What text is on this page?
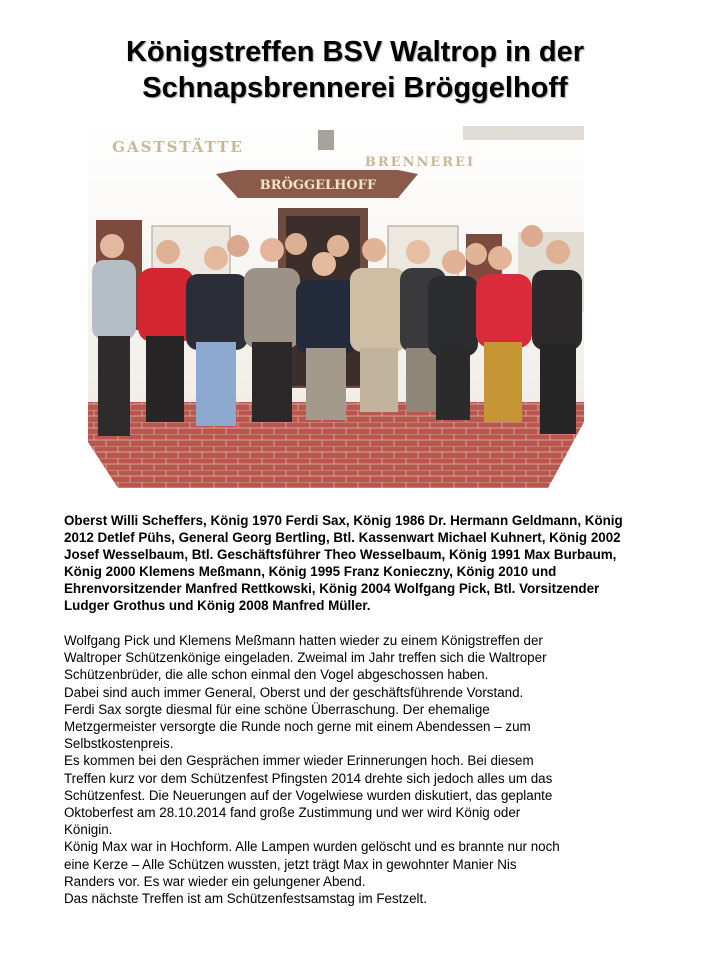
Königstreffen BSV Waltrop in der
Schnapsbrennerei Bröggelhoff
GASTSTÄTTE
BRENNEREI
BRÖGGELHOFF
Oberst Willi Scheffers, König 1970 Ferdi Sax, König 1986 Dr. Hermann Geldmann, König 2012 Detlef Pühs, General Georg Bertling, Btl. Kassenwart Michael Kuhnert, König 2002 Josef Wesselbaum, Btl. Geschäftsführer Theo Wesselbaum, König 1991 Max Burbaum, König 2000 Klemens Meßmann, König 1995 Franz Konieczny, König 2010 und Ehrenvorsitzender Manfred Rettkowski, König 2004 Wolfgang Pick, Btl. Vorsitzender Ludger Grothus und König 2008 Manfred Müller.
Wolfgang Pick und Klemens Meßmann hatten wieder zu einem Königstreffen der
Waltroper Schützenkönige eingeladen. Zweimal im Jahr treffen sich die Waltroper
Schützenbrüder, die alle schon einmal den Vogel abgeschossen haben.
Dabei sind auch immer General, Oberst und der geschäftsführende Vorstand.
Ferdi Sax sorgte diesmal für eine schöne Überraschung. Der ehemalige
Metzgermeister versorgte die Runde noch gerne mit einem Abendessen – zum
Selbstkostenpreis.
Es kommen bei den Gesprächen immer wieder Erinnerungen hoch. Bei diesem
Treffen kurz vor dem Schützenfest Pfingsten 2014 drehte sich jedoch alles um das
Schützenfest. Die Neuerungen auf der Vogelwiese wurden diskutiert, das geplante
Oktoberfest am 28.10.2014 fand große Zustimmung und wer wird König oder
Königin.
König Max war in Hochform. Alle Lampen wurden gelöscht und es brannte nur noch
eine Kerze – Alle Schützen wussten, jetzt trägt Max in gewohnter Manier Nis
Randers vor. Es war wieder ein gelungener Abend.
Das nächste Treffen ist am Schützenfestsamstag im Festzelt.
